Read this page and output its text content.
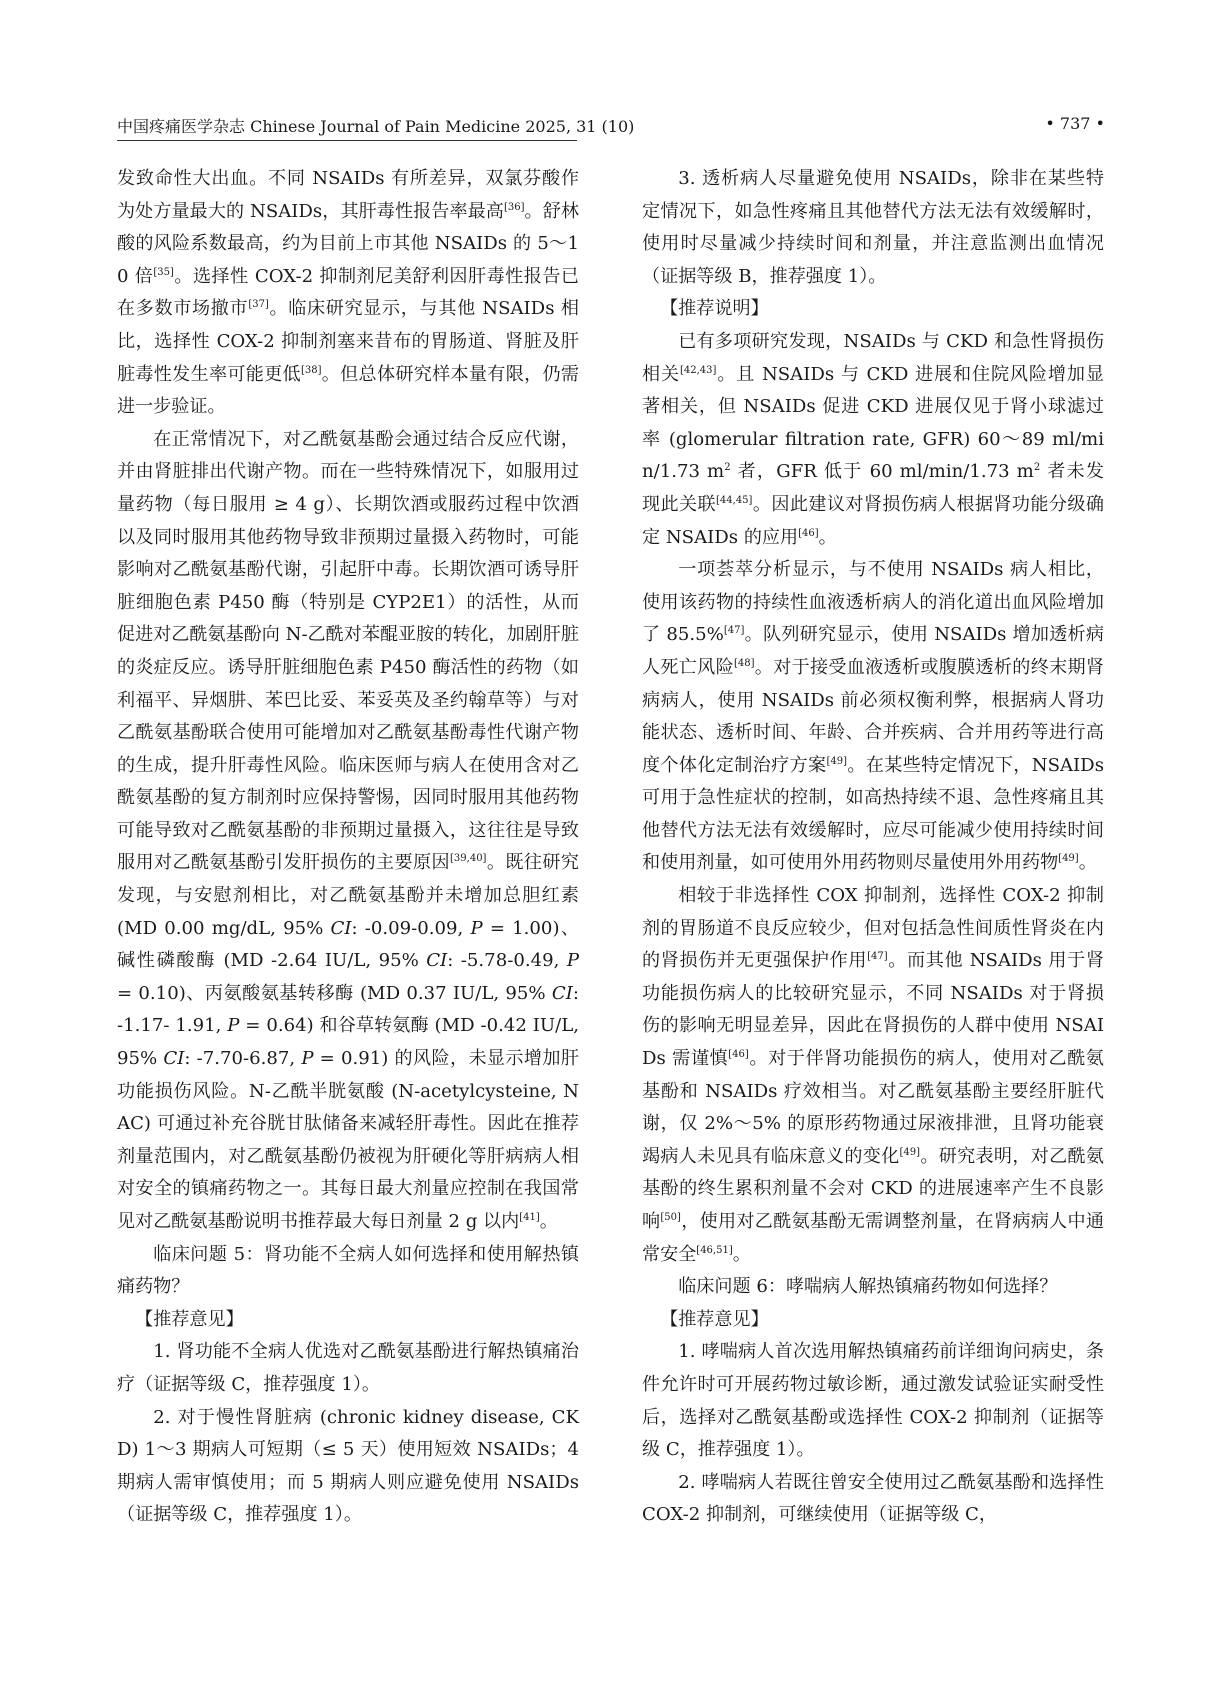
中国疼痛医学杂志 Chinese Journal of Pain Medicine 2025, 31 (10)	• 737 •

发致命性大出血。不同 NSAIDs 有所差异，双氯芬酸作为处方量最大的 NSAIDs，其肝毒性报告率最高[36]。舒林酸的风险系数最高，约为目前上市其他 NSAIDs 的 5～10 倍[35]。选择性 COX-2 抑制剂尼美舒利因肝毒性报告已在多数市场撤市[37]。临床研究显示，与其他 NSAIDs 相比，选择性 COX-2 抑制剂塞来昔布的胃肠道、肾脏及肝脏毒性发生率可能更低[38]。但总体研究样本量有限，仍需进一步验证。

在正常情况下，对乙酰氨基酚会通过结合反应代谢，并由肾脏排出代谢产物。而在一些特殊情况下，如服用过量药物（每日服用 ≥ 4 g）、长期饮酒或服药过程中饮酒以及同时服用其他药物导致非预期过量摄入药物时，可能影响对乙酰氨基酚代谢，引起肝中毒。长期饮酒可诱导肝脏细胞色素 P450 酶（特别是 CYP2E1）的活性，从而促进对乙酰氨基酚向 N-乙酰对苯醌亚胺的转化，加剧肝脏的炎症反应。诱导肝脏细胞色素 P450 酶活性的药物（如利福平、异烟肼、苯巴比妥、苯妥英及圣约翰草等）与对乙酰氨基酚联合使用可能增加对乙酰氨基酚毒性代谢产物的生成，提升肝毒性风险。临床医师与病人在使用含对乙酰氨基酚的复方制剂时应保持警惕，因同时服用其他药物可能导致对乙酰氨基酚的非预期过量摄入，这往往是导致服用对乙酰氨基酚引发肝损伤的主要原因[39,40]。既往研究发现，与安慰剂相比，对乙酰氨基酚并未增加总胆红素 (MD 0.00 mg/dL, 95% CI: -0.09-0.09, P = 1.00)、碱性磷酸酶 (MD -2.64 IU/L, 95% CI: -5.78-0.49, P = 0.10)、丙氨酸氨基转移酶 (MD 0.37 IU/L, 95% CI: -1.17- 1.91, P = 0.64) 和谷草转氨酶 (MD -0.42 IU/L, 95% CI: -7.70-6.87, P = 0.91) 的风险，未显示增加肝功能损伤风险。N-乙酰半胱氨酸 (N-acetylcysteine, NAC) 可通过补充谷胱甘肽储备来减轻肝毒性。因此在推荐剂量范围内，对乙酰氨基酚仍被视为肝硬化等肝病病人相对安全的镇痛药物之一。其每日最大剂量应控制在我国常见对乙酰氨基酚说明书推荐最大每日剂量 2 g 以内[41]。

临床问题 5：肾功能不全病人如何选择和使用解热镇痛药物？

【推荐意见】

1. 肾功能不全病人优选对乙酰氨基酚进行解热镇痛治疗（证据等级 C，推荐强度 1）。

2. 对于慢性肾脏病 (chronic kidney disease, CKD) 1～3 期病人可短期（≤ 5 天）使用短效 NSAIDs；4 期病人需审慎使用；而 5 期病人则应避免使用 NSAIDs（证据等级 C，推荐强度 1）。

3. 透析病人尽量避免使用 NSAIDs，除非在某些特定情况下，如急性疼痛且其他替代方法无法有效缓解时，使用时尽量减少持续时间和剂量，并注意监测出血情况（证据等级 B，推荐强度 1）。

【推荐说明】

已有多项研究发现，NSAIDs 与 CKD 和急性肾损伤相关[42,43]。且 NSAIDs 与 CKD 进展和住院风险增加显著相关，但 NSAIDs 促进 CKD 进展仅见于肾小球滤过率 (glomerular filtration rate, GFR) 60～89 ml/min/1.73 $m^2$ 者，GFR 低于 60 ml/min/1.73 $m^2$ 者未发现此关联[44,45]。因此建议对肾损伤病人根据肾功能分级确定 NSAIDs 的应用[46]。

一项荟萃分析显示，与不使用 NSAIDs 病人相比，使用该药物的持续性血液透析病人的消化道出血风险增加了 85.5%[47]。队列研究显示，使用 NSAIDs 增加透析病人死亡风险[48]。对于接受血液透析或腹膜透析的终末期肾病病人，使用 NSAIDs 前必须权衡利弊，根据病人肾功能状态、透析时间、年龄、合并疾病、合并用药等进行高度个体化定制治疗方案[49]。在某些特定情况下，NSAIDs 可用于急性症状的控制，如高热持续不退、急性疼痛且其他替代方法无法有效缓解时，应尽可能减少使用持续时间和使用剂量，如可使用外用药物则尽量使用外用药物[49]。

相较于非选择性 COX 抑制剂，选择性 COX-2 抑制剂的胃肠道不良反应较少，但对包括急性间质性肾炎在内的肾损伤并无更强保护作用[47]。而其他 NSAIDs 用于肾功能损伤病人的比较研究显示，不同 NSAIDs 对于肾损伤的影响无明显差异，因此在肾损伤的人群中使用 NSAIDs 需谨慎[46]。对于伴肾功能损伤的病人，使用对乙酰氨基酚和 NSAIDs 疗效相当。对乙酰氨基酚主要经肝脏代谢，仅 2%～5% 的原形药物通过尿液排泄，且肾功能衰竭病人未见具有临床意义的变化[49]。研究表明，对乙酰氨基酚的终生累积剂量不会对 CKD 的进展速率产生不良影响[50]，使用对乙酰氨基酚无需调整剂量，在肾病病人中通常安全[46,51]。

临床问题 6：哮喘病人解热镇痛药物如何选择？

【推荐意见】

1. 哮喘病人首次选用解热镇痛药前详细询问病史，条件允许时可开展药物过敏诊断，通过激发试验证实耐受性后，选择对乙酰氨基酚或选择性 COX-2 抑制剂（证据等级 C，推荐强度 1）。

2. 哮喘病人若既往曾安全使用过乙酰氨基酚和选择性 COX-2 抑制剂，可继续使用（证据等级 C，
